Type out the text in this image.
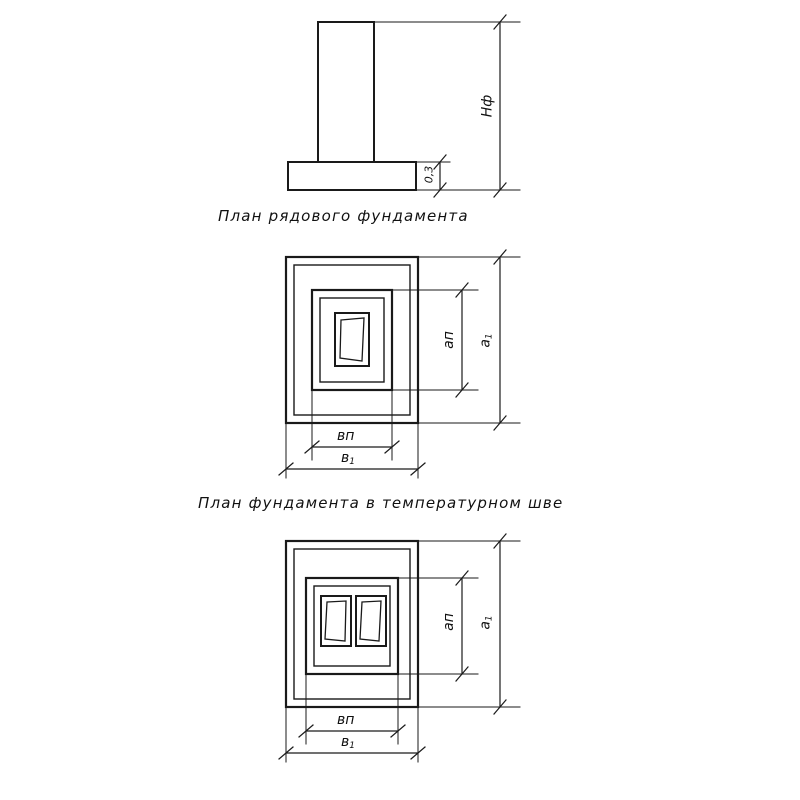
План рядового фундамента
План фундамента в температурном шве
Hф
0,3
ап $а_1$
вп
$в_1$
ап $а_1$
вп
$в_1$
